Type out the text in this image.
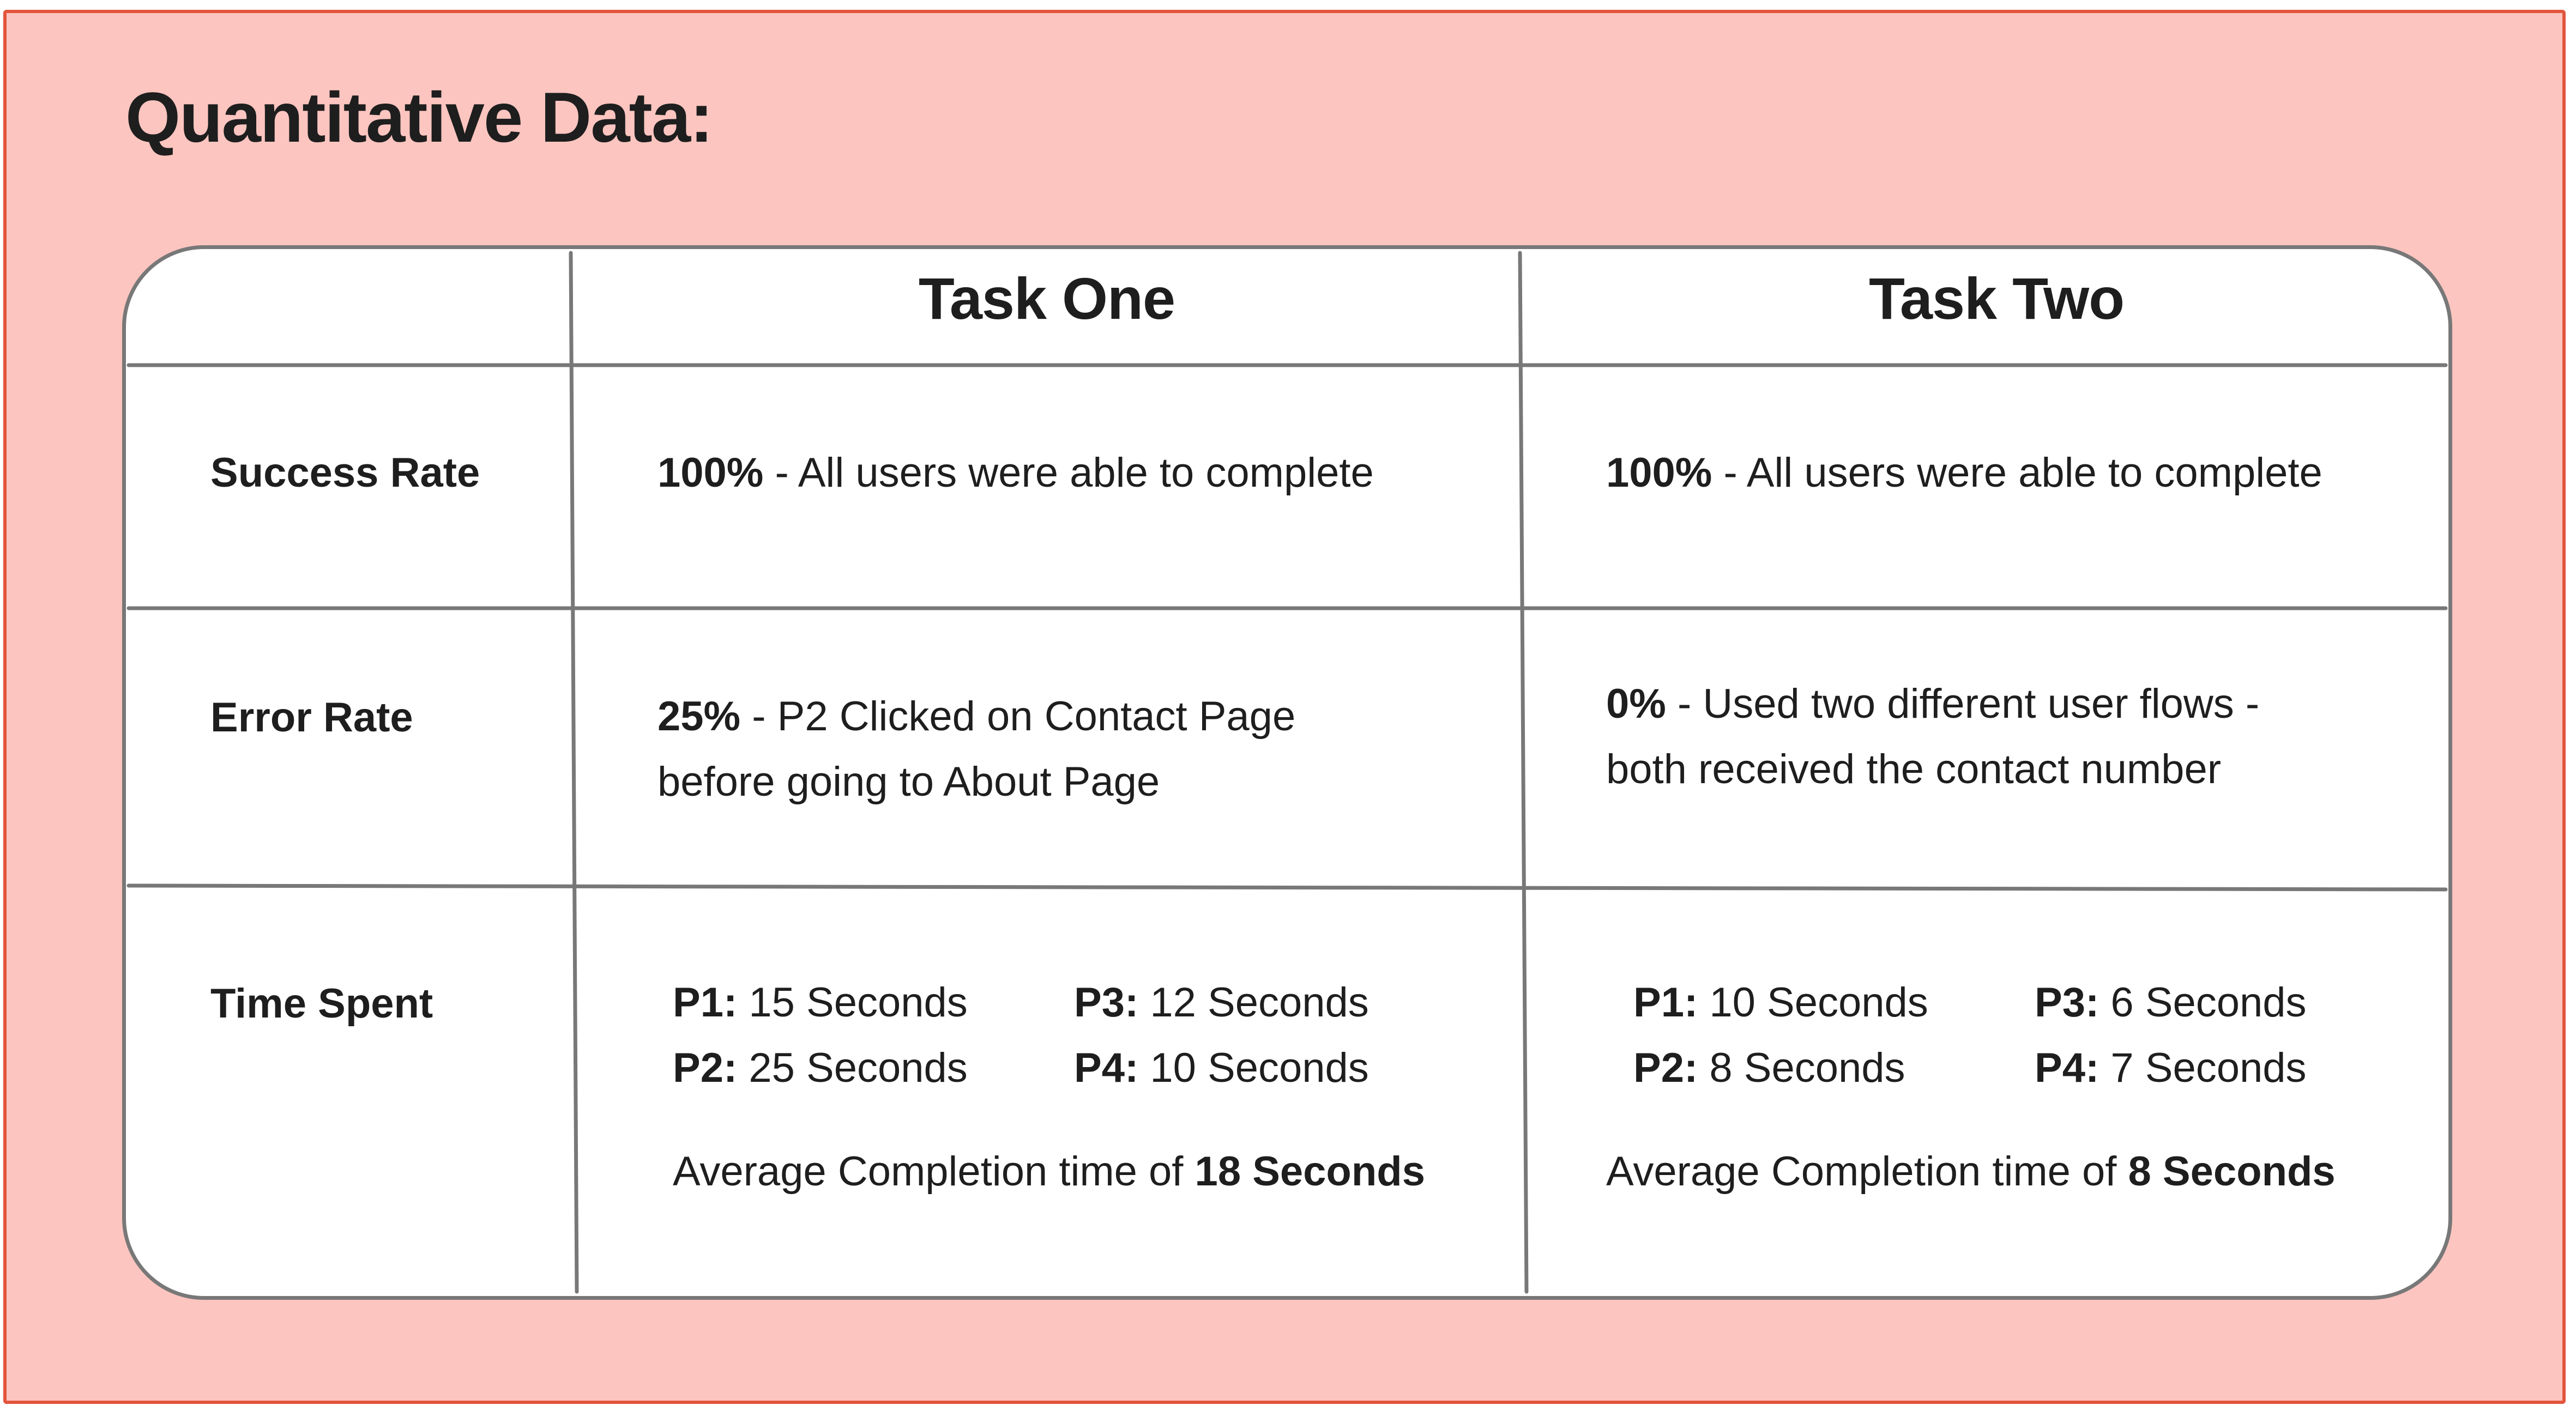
Quantitative Data:
Task One	Task Two
Success Rate
Error Rate
Time Spent
100% - All users were able to complete	100% - All users were able to complete
25% - P2 Clicked on Contact Page
before going to About Page
0% - Used two different user flows -
both received the contact number
P1: 15 Seconds
P2: 25 Seconds
P3: 12 Seconds
P4: 10 Seconds
Average Completion time of 18 Seconds
P1: 10 Seconds
P2: 8 Seconds
P3: 6 Seconds
P4: 7 Seconds
Average Completion time of 8 Seconds
